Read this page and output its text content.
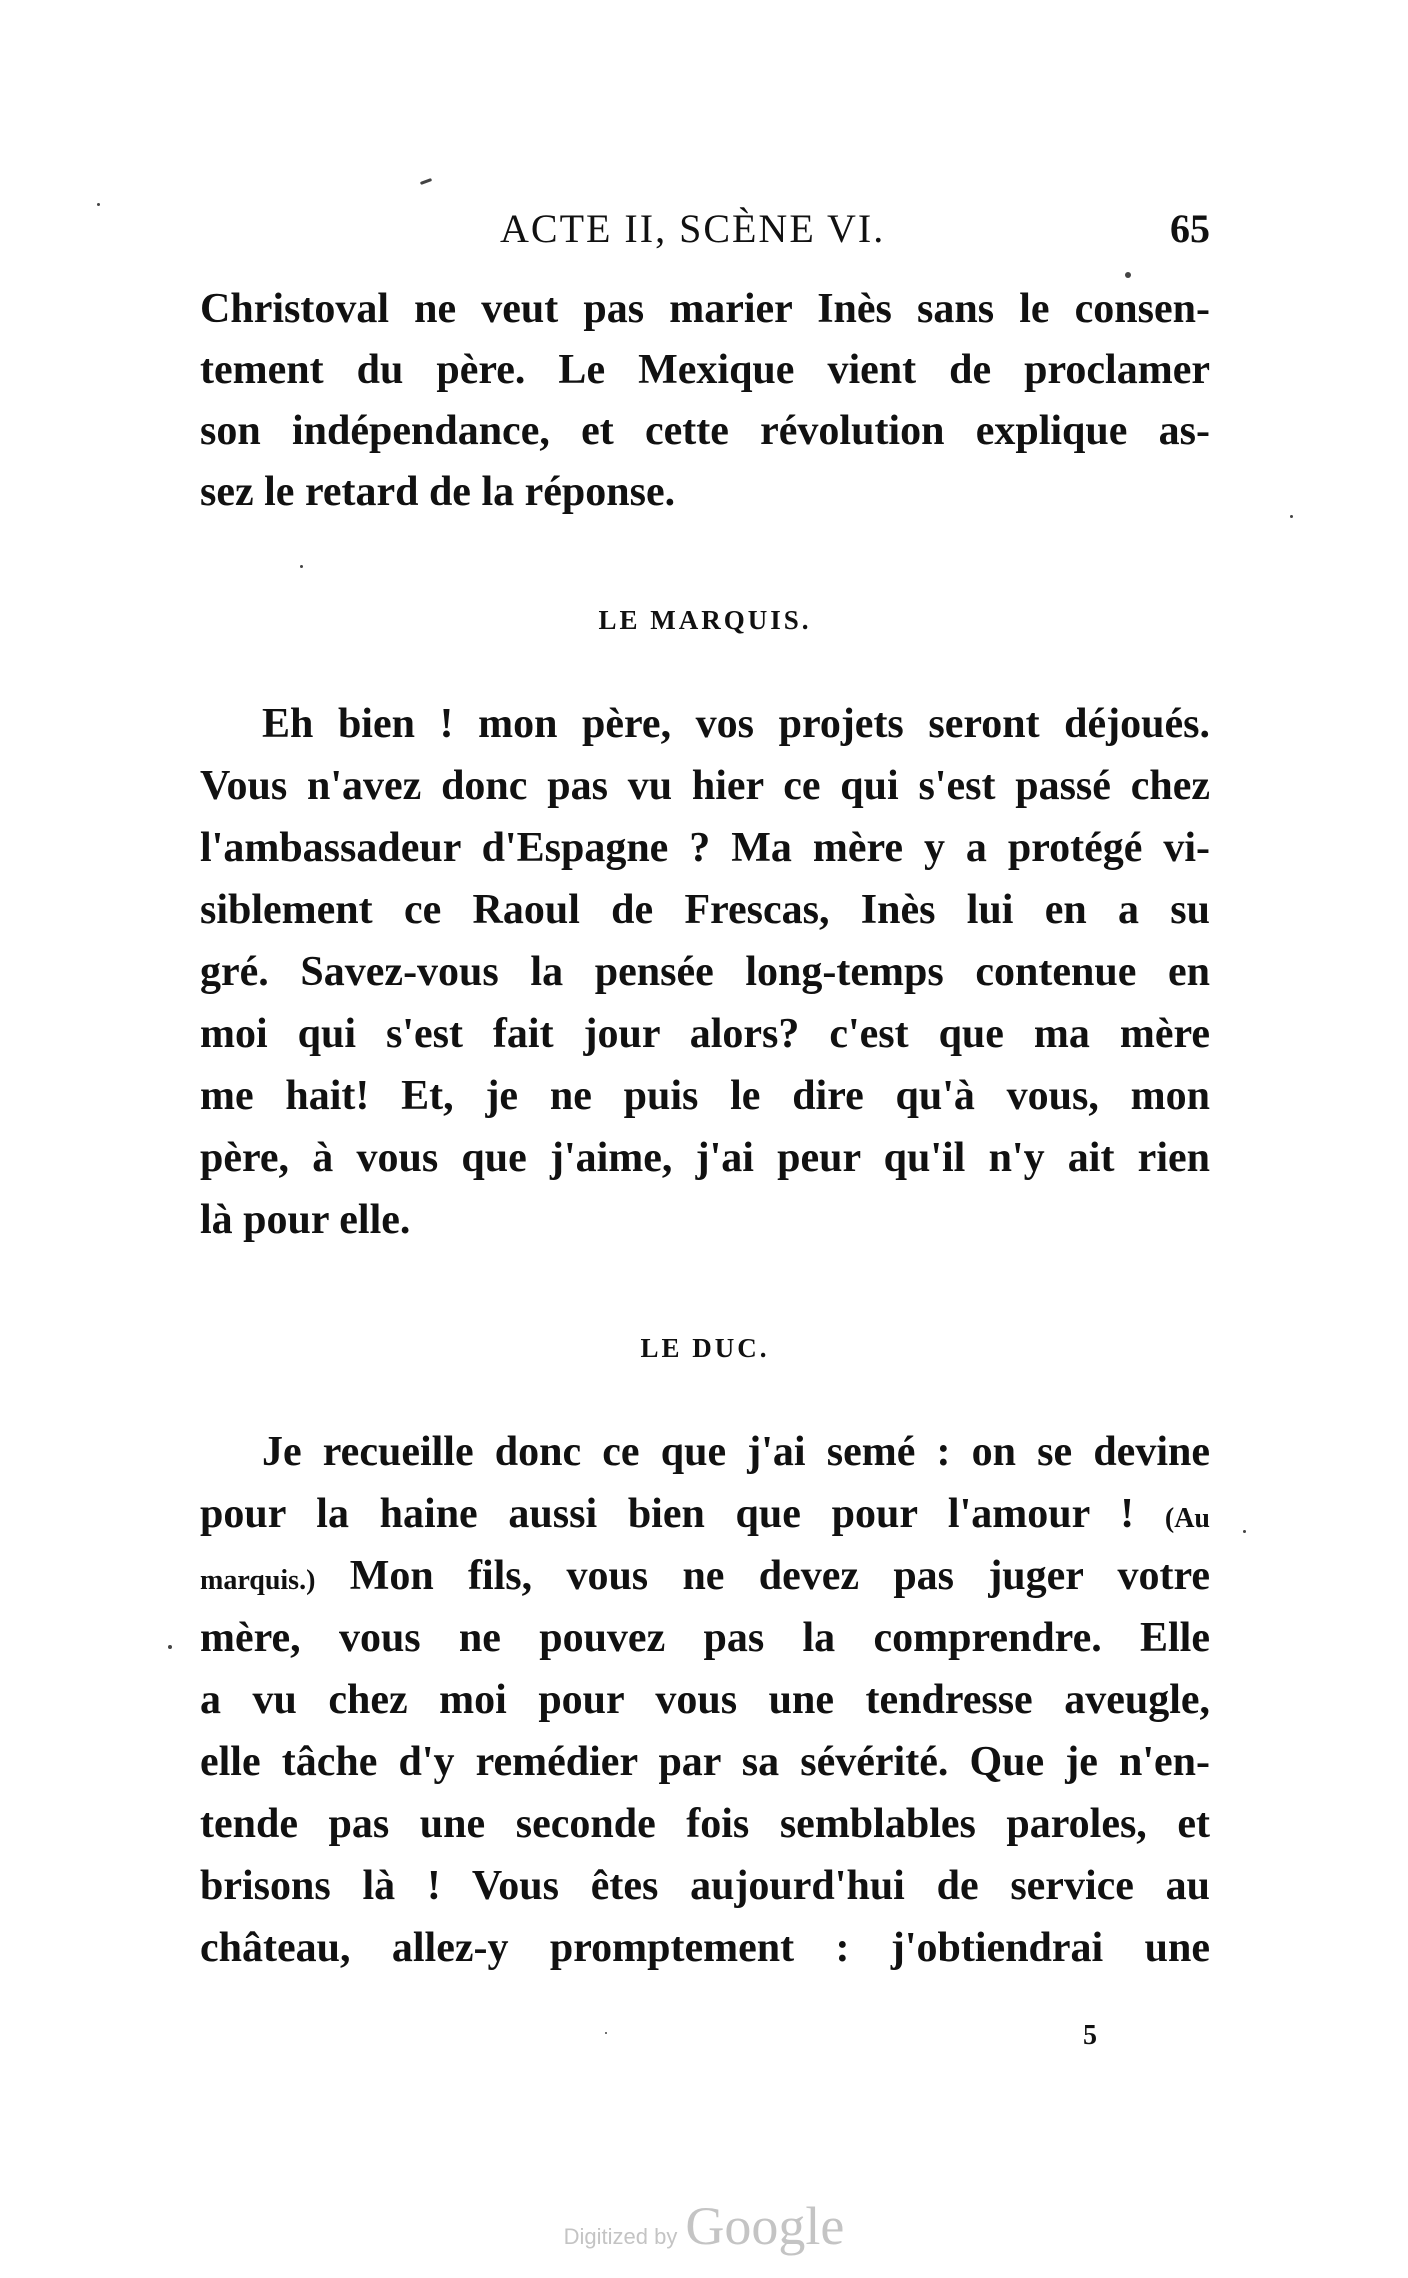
ACTE II, SCÈNE VI.	65
Christoval ne veut pas marier Inès sans le consen-
tement du père. Le Mexique vient de proclamer
son indépendance, et cette révolution explique as-
sez le retard de la réponse.
LE MARQUIS.
Eh bien ! mon père, vos projets seront déjoués.
Vous n'avez donc pas vu hier ce qui s'est passé chez
l'ambassadeur d'Espagne ? Ma mère y a protégé vi-
siblement ce Raoul de Frescas, Inès lui en a su
gré. Savez-vous la pensée long-temps contenue en
moi qui s'est fait jour alors? c'est que ma mère
me hait! Et, je ne puis le dire qu'à vous, mon
père, à vous que j'aime, j'ai peur qu'il n'y ait rien
là pour elle.
LE DUC.
Je recueille donc ce que j'ai semé : on se devine
pour la haine aussi bien que pour l'amour ! (Au
marquis.) Mon fils, vous ne devez pas juger votre
mère, vous ne pouvez pas la comprendre. Elle
a vu chez moi pour vous une tendresse aveugle,
elle tâche d'y remédier par sa sévérité. Que je n'en-
tende pas une seconde fois semblables paroles, et
brisons là ! Vous êtes aujourd'hui de service au
château, allez-y promptement : j'obtiendrai une
5
Digitized by Google
